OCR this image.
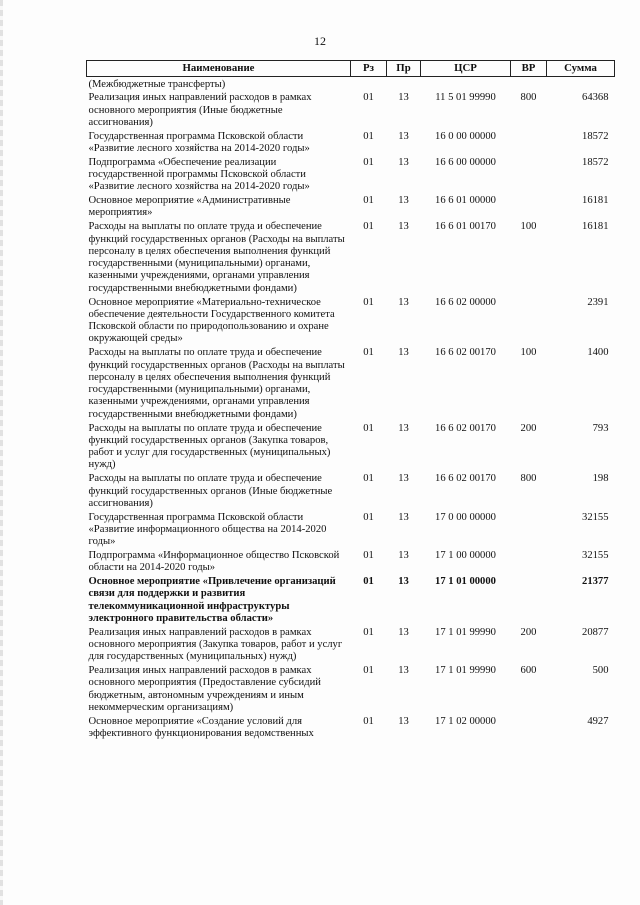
12
Наименование	Рз	Пр	ЦСР	ВР	Сумма
(Межбюджетные трансферты)					
Реализация иных направлений расходов в рамках основного мероприятия (Иные бюджетные ассигнования)	01	13	11 5 01 99990	800	64368
Государственная программа Псковской области «Развитие лесного хозяйства на 2014-2020 годы»	01	13	16 0 00 00000		18572
Подпрограмма «Обеспечение реализации государственной программы Псковской области «Развитие лесного хозяйства на 2014-2020 годы»	01	13	16 6 00 00000		18572
Основное мероприятие «Административные мероприятия»	01	13	16 6 01 00000		16181
Расходы на выплаты по оплате труда и обеспечение функций государственных органов (Расходы на выплаты персоналу в целях обеспечения выполнения функций государственными (муниципальными) органами, казенными учреждениями, органами управления государственными внебюджетными фондами)	01	13	16 6 01 00170	100	16181
Основное мероприятие «Материально-техническое обеспечение деятельности Государственного комитета Псковской области по природопользованию и охране окружающей среды»	01	13	16 6 02 00000		2391
Расходы на выплаты по оплате труда и обеспечение функций государственных органов (Расходы на выплаты персоналу в целях обеспечения выполнения функций государственными (муниципальными) органами, казенными учреждениями, органами управления государственными внебюджетными фондами)	01	13	16 6 02 00170	100	1400
Расходы на выплаты по оплате труда и обеспечение функций государственных органов (Закупка товаров, работ и услуг для государственных (муниципальных) нужд)	01	13	16 6 02 00170	200	793
Расходы на выплаты по оплате труда и обеспечение функций государственных органов (Иные бюджетные ассигнования)	01	13	16 6 02 00170	800	198
Государственная программа Псковской области «Развитие информационного общества на 2014-2020 годы»	01	13	17 0 00 00000		32155
Подпрограмма «Информационное общество Псковской области на 2014-2020 годы»	01	13	17 1 00 00000		32155
Основное мероприятие «Привлечение организаций связи для поддержки и развития телекоммуникационной инфраструктуры электронного правительства области»	01	13	17 1 01 00000		21377
Реализация иных направлений расходов в рамках основного мероприятия (Закупка товаров, работ и услуг для государственных (муниципальных) нужд)	01	13	17 1 01 99990	200	20877
Реализация иных направлений расходов в рамках основного мероприятия (Предоставление субсидий бюджетным, автономным учреждениям и иным некоммерческим организациям)	01	13	17 1 01 99990	600	500
Основное мероприятие «Создание условий для эффективного функционирования ведомственных	01	13	17 1 02 00000		4927
